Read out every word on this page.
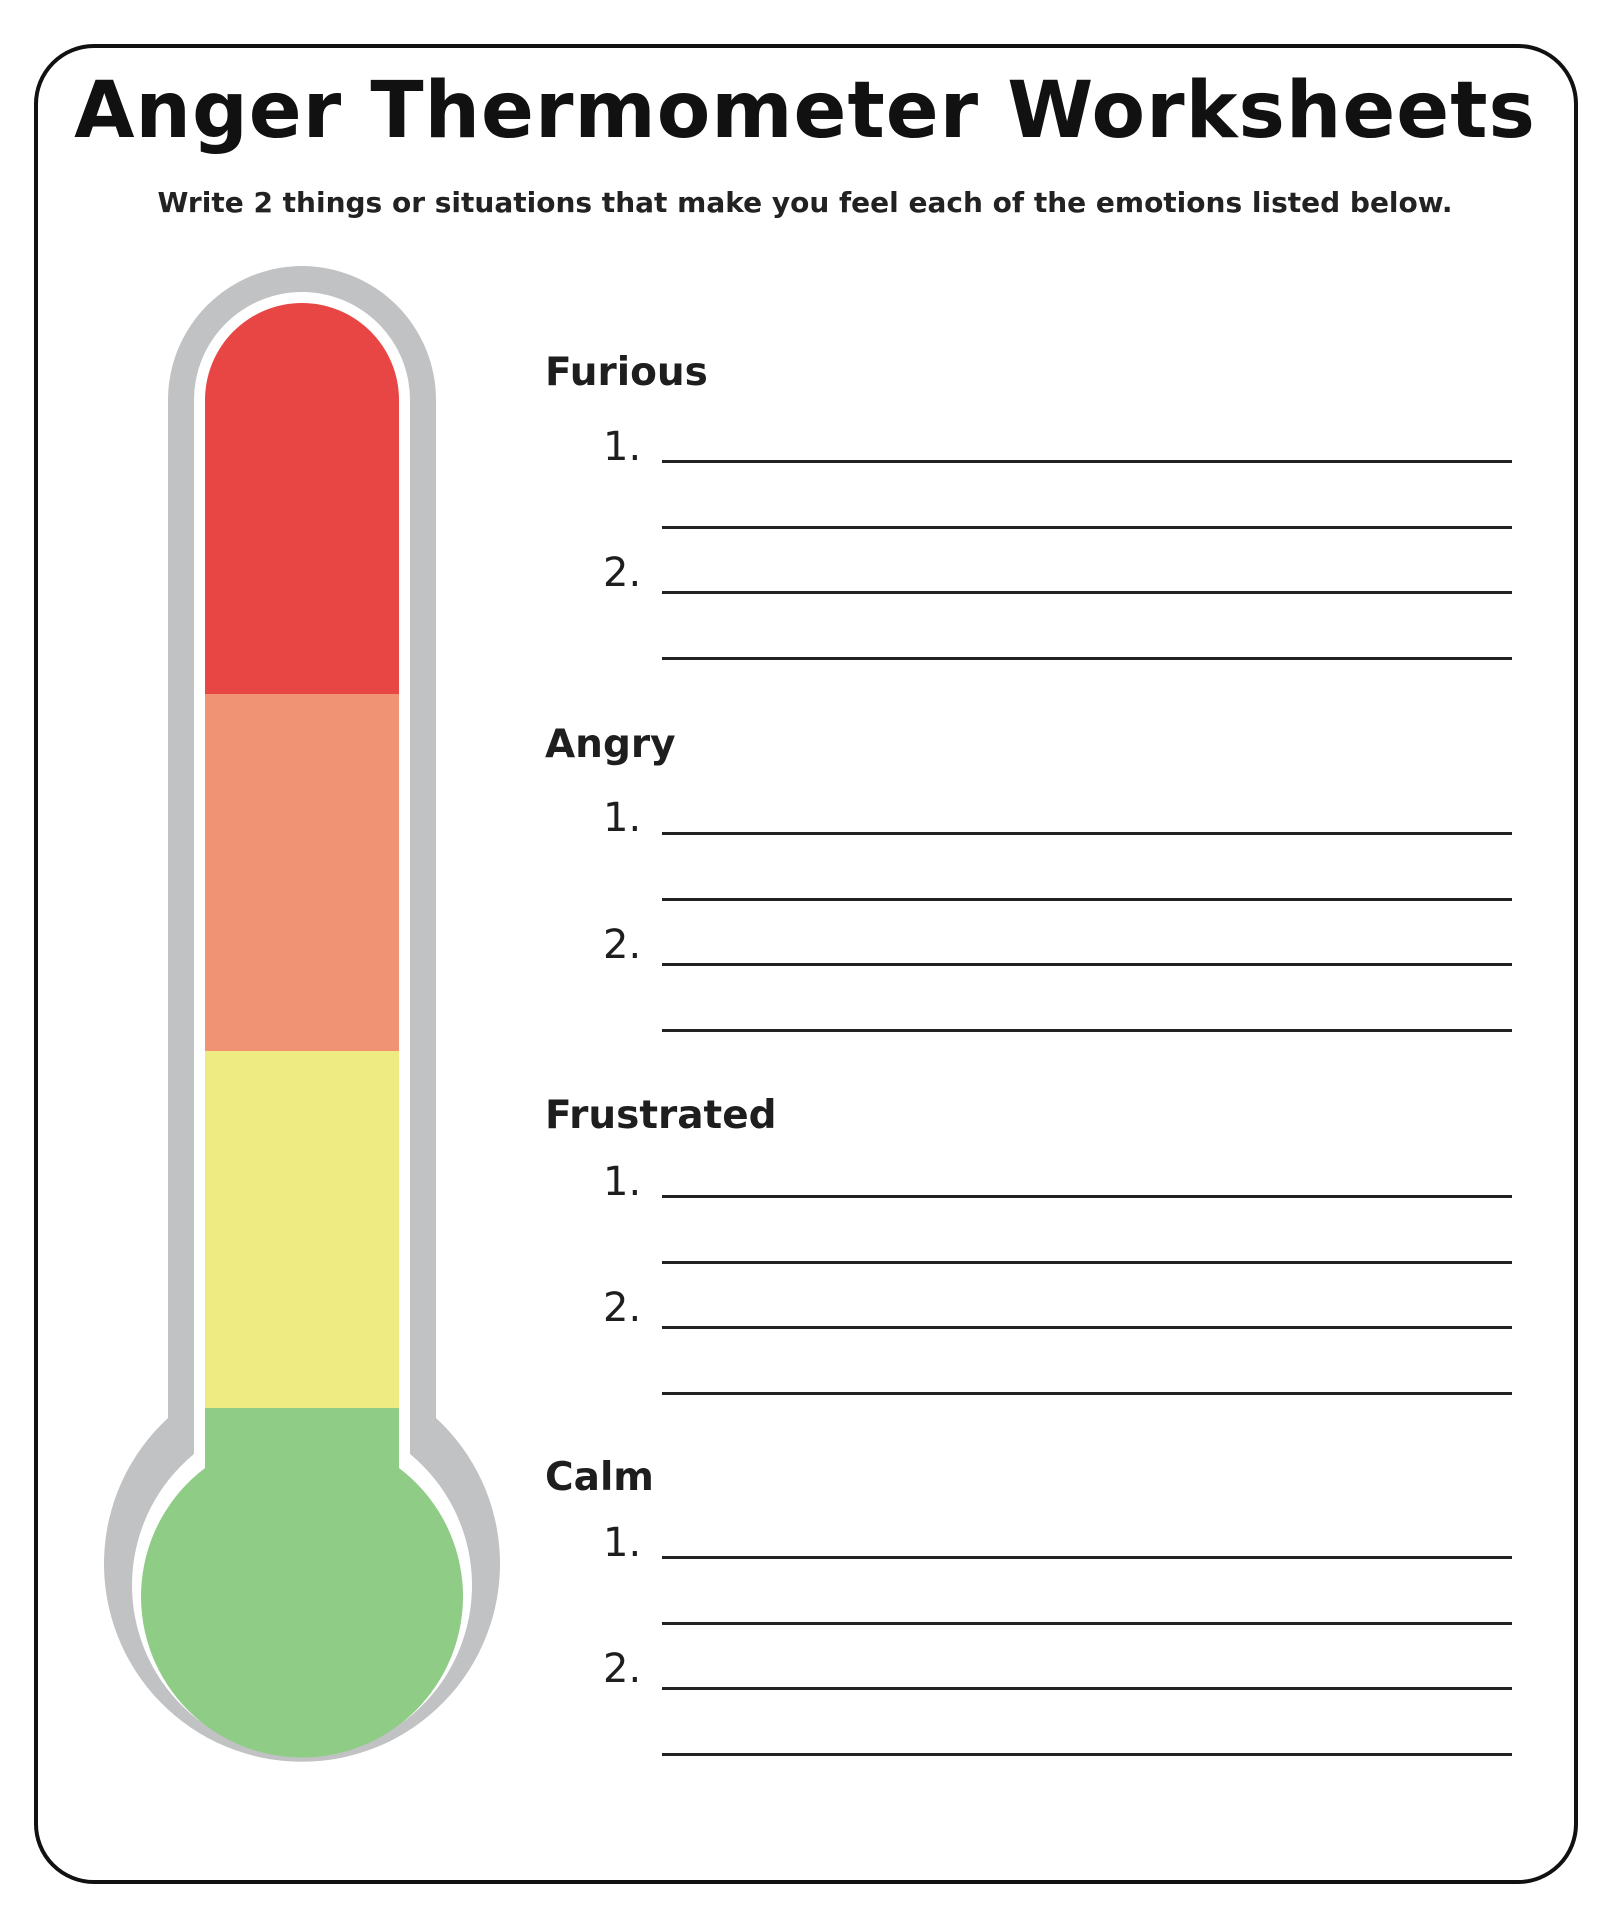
Anger Thermometer Worksheets

Write 2 things or situations that make you feel each of the emotions listed below.

Furious
1.
2.
Angry
1.
2.
Frustrated
1.
2.
Calm
1.
2.
